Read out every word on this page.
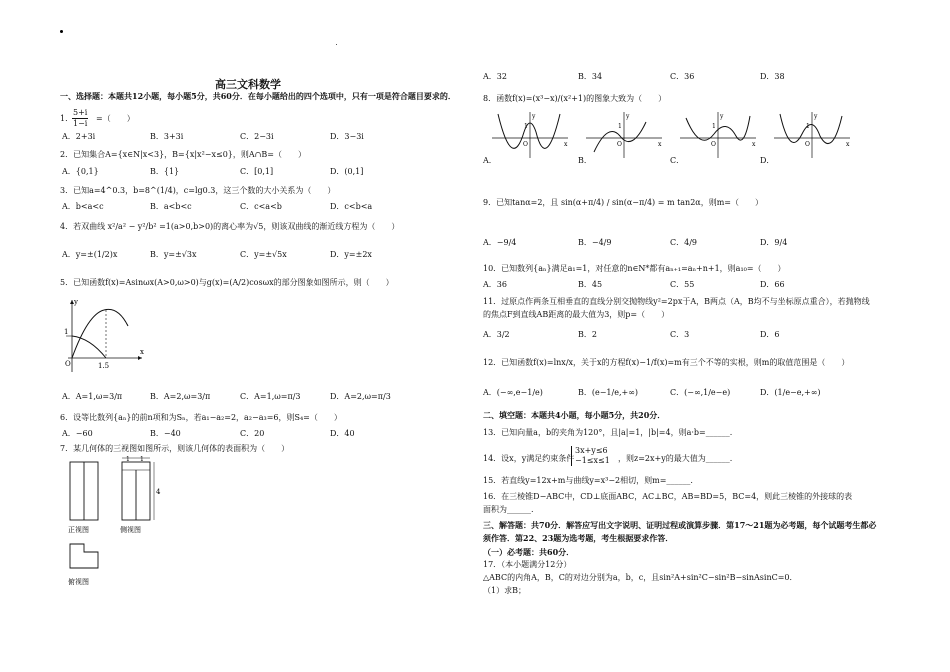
高三文科数学
一、选择题：本题共12小题，每小题5分，共60分．在每小题给出的四个选项中，只有一项是符合题目要求的．
1．
5+i
1−i
=（　　）
A．2+3i	B．3+3i	C．2−3i	D．3−3i
2．已知集合A={x∈N|x<3}，B={x|x²−x≤0}，则A∩B=（　　）
A．{0,1}	B．{1}	C．[0,1]	D．(0,1]
3．已知a=4^0.3，b=8^(1/4)，c=lg0.3，这三个数的大小关系为（　　）
A．b<a<c	B．a<b<c	C．c<a<b	D．c<b<a
4．若双曲线 x²/a² − y²/b² =1(a>0,b>0)的离心率为√5，则该双曲线的渐近线方程为（　　）
A．y=±(1/2)x	B．y=±√3x	C．y=±√5x	D．y=±2x
5．已知函数f(x)=Asinωx(A>0,ω>0)与g(x)=(A/2)cosωx的部分图象如图所示，则（　　）
y
x
O
1
1.5
A．A=1,ω=3/π	B．A=2,ω=3/π	C．A=1,ω=π/3	D．A=2,ω=π/3
6．设等比数列{aₙ}的前n项和为Sₙ，若a₁−a₂=2，a₂−a₃=6，则S₄=（　　）
A．−60	B．−40	C．20	D．40
7．某几何体的三视图如图所示，则该几何体的表面积为（　　）
1 1
4
正视图	侧视图
俯视图
A．32	B．34	C．36	D．38
8．函数f(x)=(x³−x)/(x²+1)的图象大致为（　　）
y
x
O
1
y
x
O
1
y
x
O
1
y
x
O
1
A．	B．	C．	D．
9．已知tanα=2，且 sin(α+π/4) / sin(α−π/4) = m tan2α，则m=（　　）
A．−9/4	B．−4/9	C．4/9	D．9/4
10．已知数列{aₙ}满足a₁=1，对任意的n∈N*都有aₙ₊₁=aₙ+n+1，则a₁₀=（　　）
A．36	B．45	C．55	D．66
11．过原点作两条互相垂直的直线分别交抛物线y²=2px于A，B两点（A，B均不与坐标原点重合），若抛物线
的焦点F到直线AB距离的最大值为3，则p=（　　）
A．3/2	B．2	C．3	D．6
12．已知函数f(x)=lnx/x，关于x的方程f(x)−1/f(x)=m有三个不等的实根，则m的取值范围是（　　）
A．(−∞,e−1/e)	B．(e−1/e,+∞)	C．(−∞,1/e−e)	D．(1/e−e,+∞)
二、填空题：本题共4小题，每小题5分，共20分．
13．已知向量a，b的夹角为120°，且|a|=1，|b|=4，则a·b=______.
14．设x，y满足约束条件
3x+y≤6
−1≤x≤1 ，则z=2x+y的最大值为______.
15．若直线y=12x+m与曲线y=x³−2相切，则m=______.
16．在三棱锥D−ABC中，CD⊥底面ABC，AC⊥BC，AB=BD=5，BC=4，则此三棱锥的外接球的表
面积为______.
三、解答题：共70分．解答应写出文字说明、证明过程或演算步骤．第17～21题为必考题，每个试题考生都必
须作答．第22、23题为选考题，考生根据要求作答．
（一）必考题：共60分．
17．（本小题满分12分）
△ABC的内角A，B，C的对边分别为a，b，c，且sin²A+sin²C−sin²B−sinAsinC=0．
（1）求B；
